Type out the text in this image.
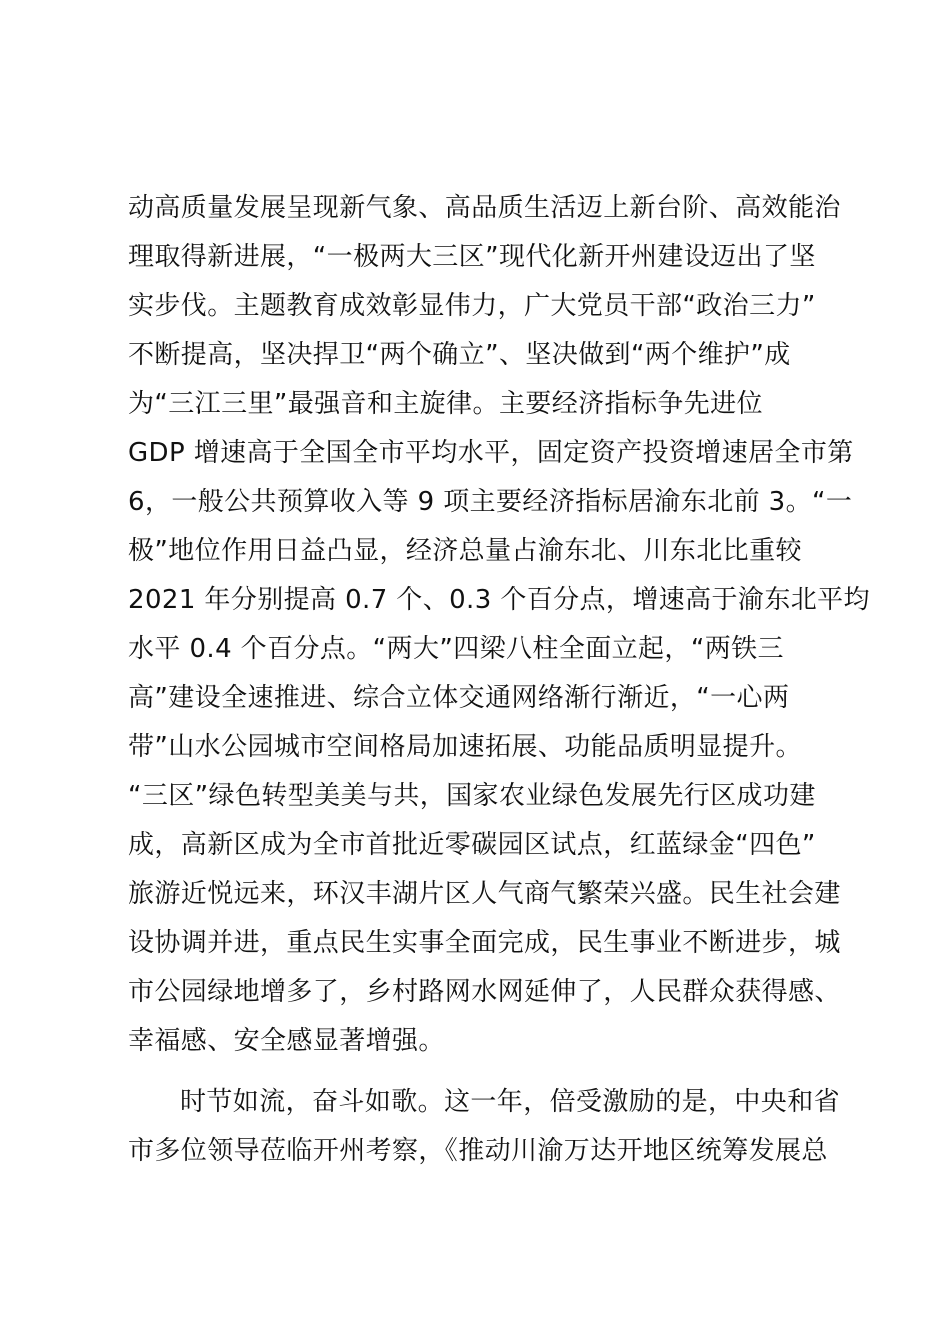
动高质量发展呈现新气象、高品质生活迈上新台阶、高效能治
理取得新进展，“一极两大三区”现代化新开州建设迈出了坚
实步伐。主题教育成效彰显伟力，广大党员干部“政治三力”
不断提高，坚决捍卫“两个确立”、坚决做到“两个维护”成
为“三江三里”最强音和主旋律。主要经济指标争先进位
GDP 增速高于全国全市平均水平，固定资产投资增速居全市第
6，一般公共预算收入等 9 项主要经济指标居渝东北前 3。“一
极”地位作用日益凸显，经济总量占渝东北、川东北比重较
2021 年分别提高 0.7 个、0.3 个百分点，增速高于渝东北平均
水平 0.4 个百分点。“两大”四梁八柱全面立起，“两铁三
高”建设全速推进、综合立体交通网络渐行渐近，“一心两
带”山水公园城市空间格局加速拓展、功能品质明显提升。
“三区”绿色转型美美与共，国家农业绿色发展先行区成功建
成，高新区成为全市首批近零碳园区试点，红蓝绿金“四色”
旅游近悦远来，环汉丰湖片区人气商气繁荣兴盛。民生社会建
设协调并进，重点民生实事全面完成，民生事业不断进步，城
市公园绿地增多了，乡村路网水网延伸了，人民群众获得感、
幸福感、安全感显著增强。
时节如流，奋斗如歌。这一年，倍受激励的是，中央和省
市多位领导莅临开州考察，《推动川渝万达开地区统筹发展总
